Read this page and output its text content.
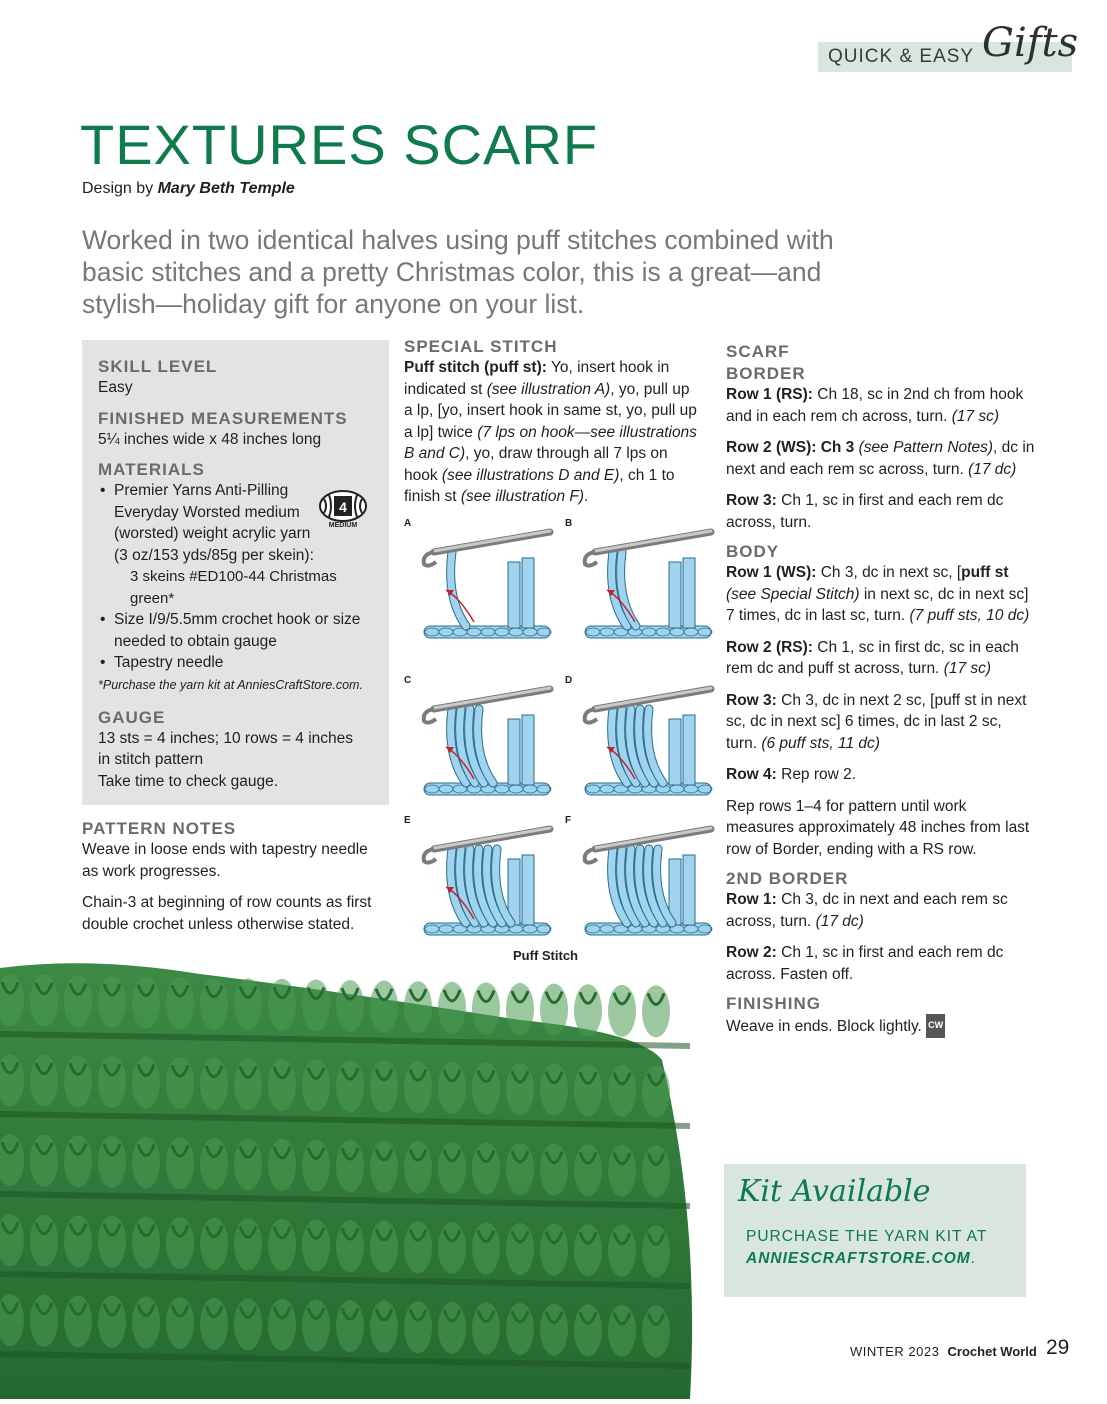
QUICK & EASY Gifts
TEXTURES SCARF
Design by Mary Beth Temple
Worked in two identical halves using puff stitches combined with basic stitches and a pretty Christmas color, this is a great—and stylish—holiday gift for anyone on your list.
SKILL LEVEL
Easy
FINISHED MEASUREMENTS
5¼ inches wide x 48 inches long
MATERIALS
• Premier Yarns Anti-Pilling Everyday Worsted medium (worsted) weight acrylic yarn (3 oz/153 yds/85g per skein):
3 skeins #ED100-44 Christmas green*
• Size I/9/5.5mm crochet hook or size needed to obtain gauge
• Tapestry needle
*Purchase the yarn kit at AnniesCraftStore.com.
GAUGE
13 sts = 4 inches; 10 rows = 4 inches in stitch pattern
Take time to check gauge.
4
MEDIUM
PATTERN NOTES
Weave in loose ends with tapestry needle as work progresses.
Chain-3 at beginning of row counts as first double crochet unless otherwise stated.
SPECIAL STITCH
Puff stitch (puff st): Yo, insert hook in indicated st (see illustration A), yo, pull up a lp, [yo, insert hook in same st, yo, pull up a lp] twice (7 lps on hook—see illustrations B and C), yo, draw through all 7 lps on hook (see illustrations D and E), ch 1 to finish st (see illustration F).
A	B
C	D
E	F
Puff Stitch
SCARF
BORDER
Row 1 (RS): Ch 18, sc in 2nd ch from hook and in each rem ch across, turn. (17 sc)
Row 2 (WS): Ch 3 (see Pattern Notes), dc in next and each rem sc across, turn. (17 dc)
Row 3: Ch 1, sc in first and each rem dc across, turn.
BODY
Row 1 (WS): Ch 3, dc in next sc, [puff st (see Special Stitch) in next sc, dc in next sc] 7 times, dc in last sc, turn. (7 puff sts, 10 dc)
Row 2 (RS): Ch 1, sc in first dc, sc in each rem dc and puff st across, turn. (17 sc)
Row 3: Ch 3, dc in next 2 sc, [puff st in next sc, dc in next sc] 6 times, dc in last 2 sc, turn. (6 puff sts, 11 dc)
Row 4: Rep row 2.
Rep rows 1–4 for pattern until work measures approximately 48 inches from last row of Border, ending with a RS row.
2ND BORDER
Row 1: Ch 3, dc in next and each rem sc across, turn. (17 dc)
Row 2: Ch 1, sc in first and each rem dc across. Fasten off.
FINISHING
Weave in ends. Block lightly. CW
Kit Available
PURCHASE THE YARN KIT AT
ANNIESCRAFTSTORE.COM.
WINTER 2023 Crochet World 29
